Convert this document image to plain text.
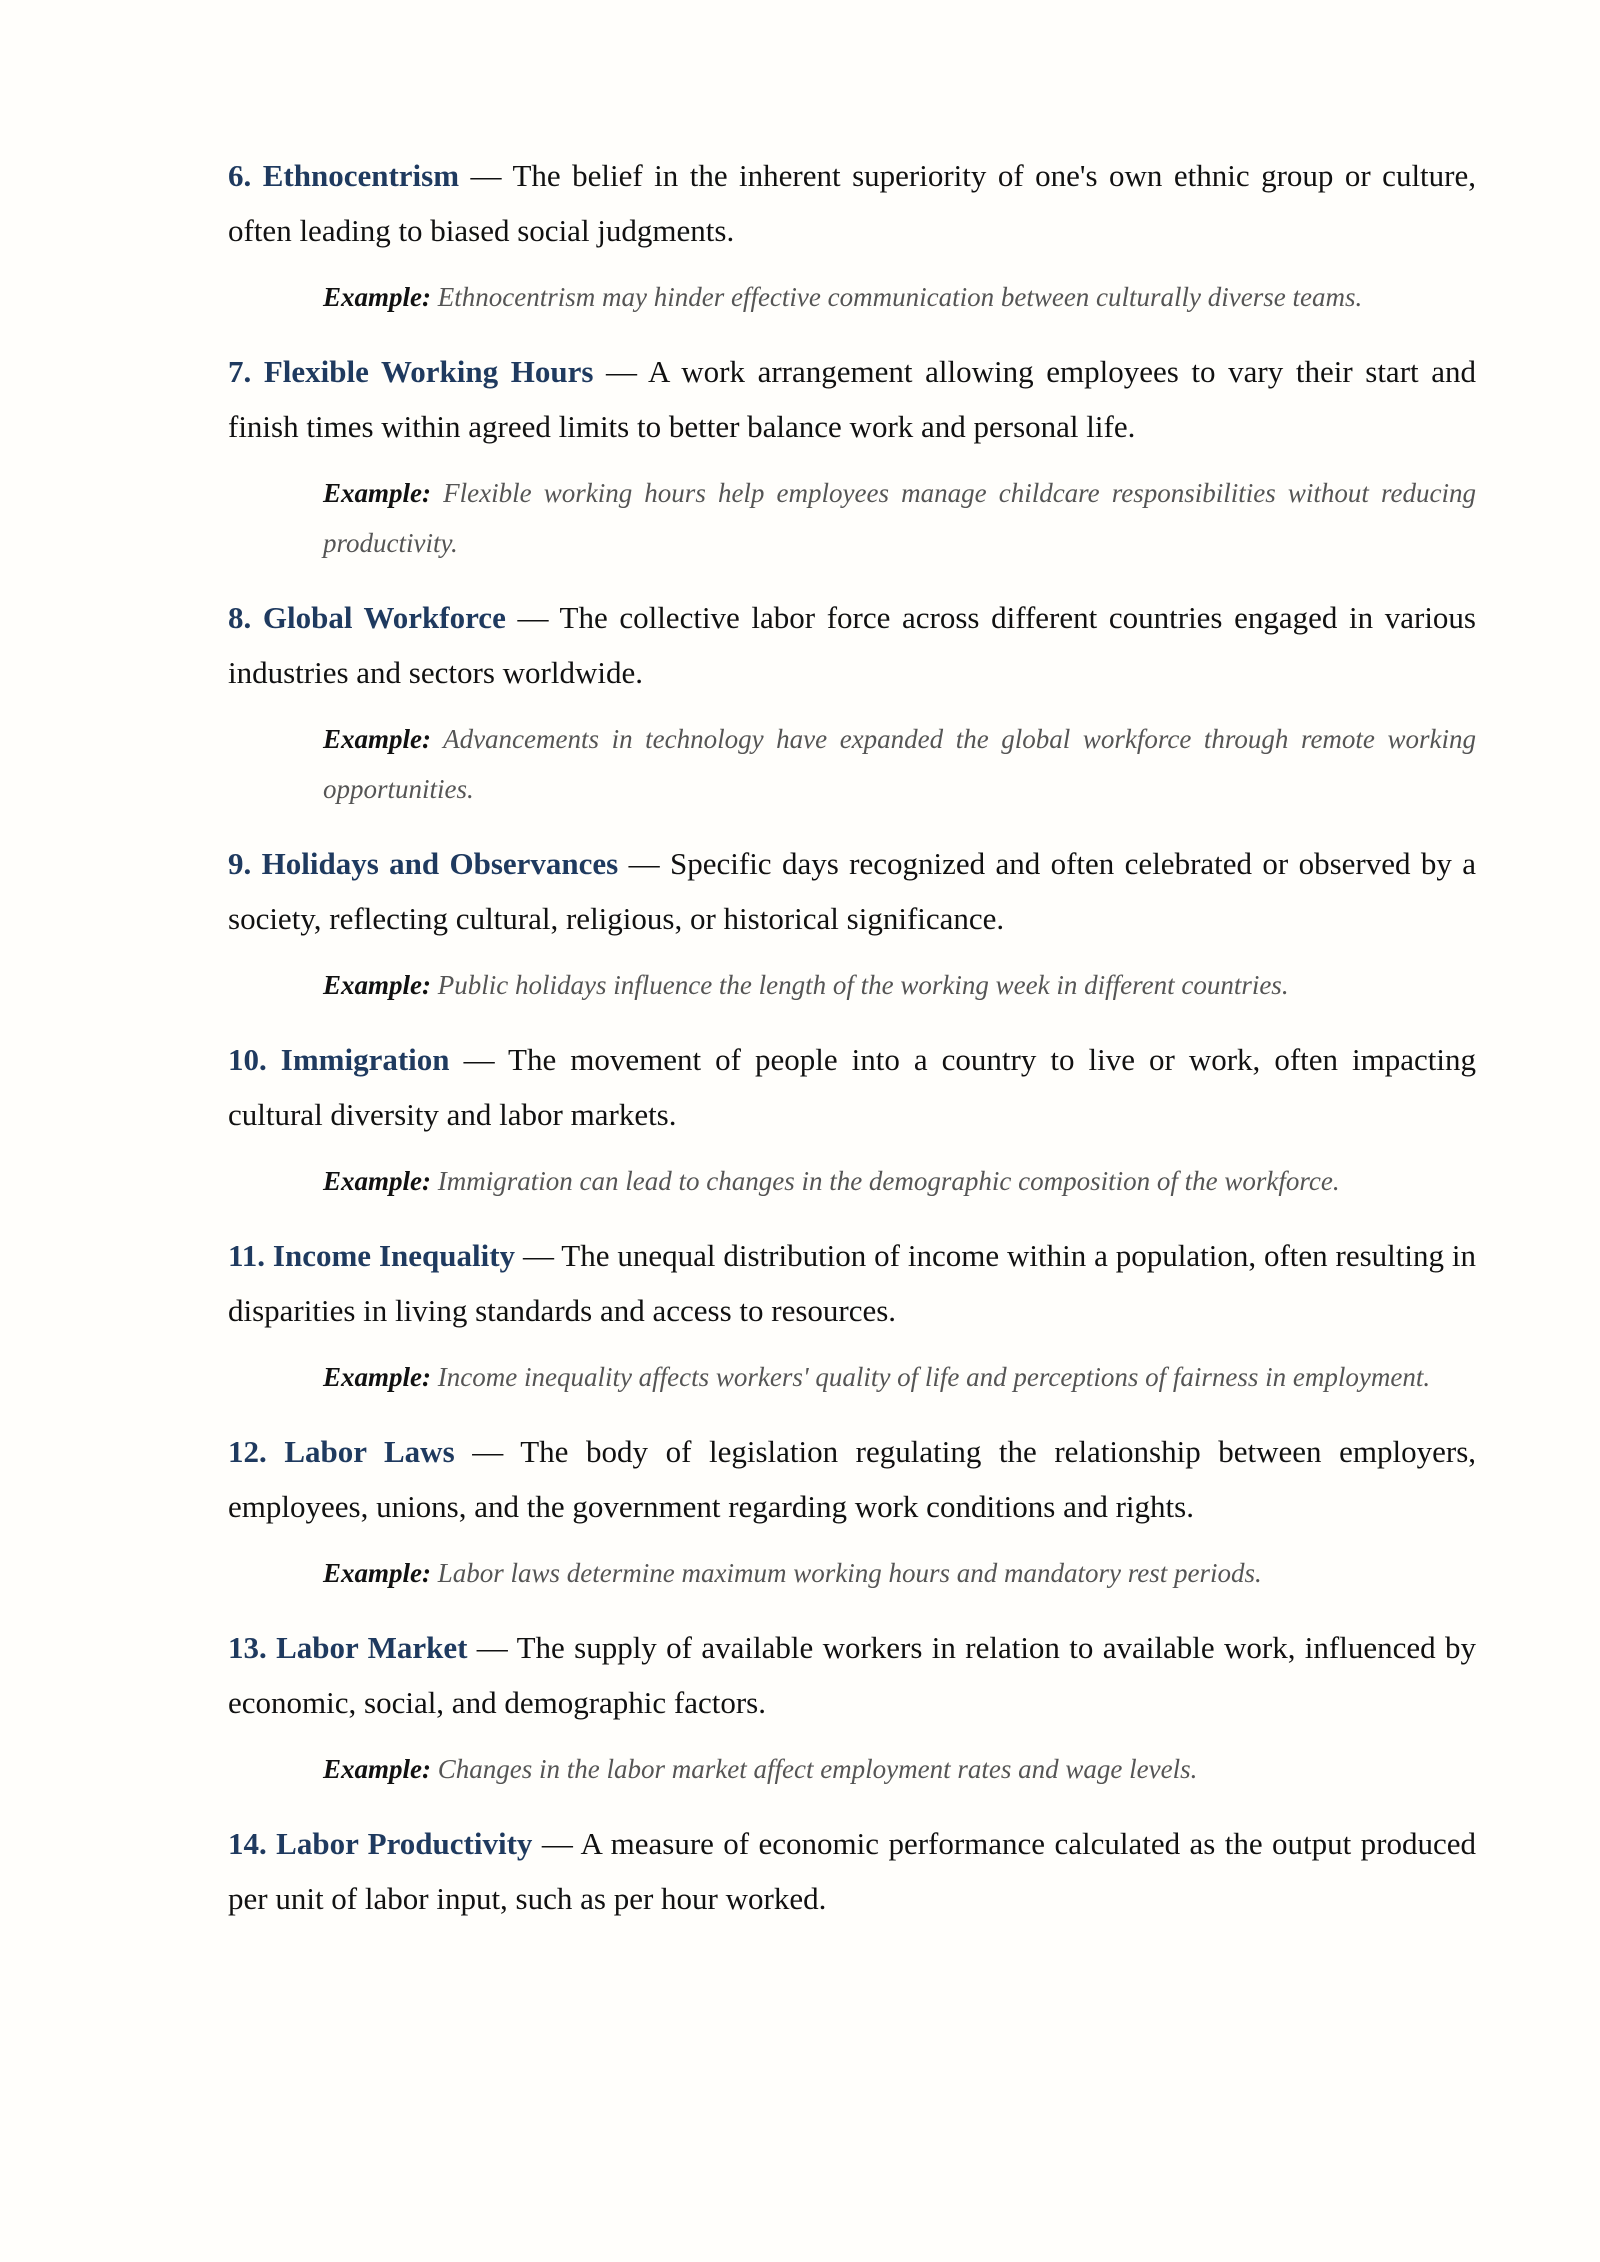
6. Ethnocentrism — The belief in the inherent superiority of one's own ethnic group or culture, often leading to biased social judgments.

Example: Ethnocentrism may hinder effective communication between culturally diverse teams.

7. Flexible Working Hours — A work arrangement allowing employees to vary their start and finish times within agreed limits to better balance work and personal life.

Example: Flexible working hours help employees manage childcare responsibilities without reducing productivity.

8. Global Workforce — The collective labor force across different countries engaged in various industries and sectors worldwide.

Example: Advancements in technology have expanded the global workforce through remote working opportunities.

9. Holidays and Observances — Specific days recognized and often celebrated or observed by a society, reflecting cultural, religious, or historical significance.

Example: Public holidays influence the length of the working week in different countries.

10. Immigration — The movement of people into a country to live or work, often impacting cultural diversity and labor markets.

Example: Immigration can lead to changes in the demographic composition of the workforce.

11. Income Inequality — The unequal distribution of income within a population, often resulting in disparities in living standards and access to resources.

Example: Income inequality affects workers' quality of life and perceptions of fairness in employment.

12. Labor Laws — The body of legislation regulating the relationship between employers, employees, unions, and the government regarding work conditions and rights.

Example: Labor laws determine maximum working hours and mandatory rest periods.

13. Labor Market — The supply of available workers in relation to available work, influenced by economic, social, and demographic factors.

Example: Changes in the labor market affect employment rates and wage levels.

14. Labor Productivity — A measure of economic performance calculated as the output produced per unit of labor input, such as per hour worked.
